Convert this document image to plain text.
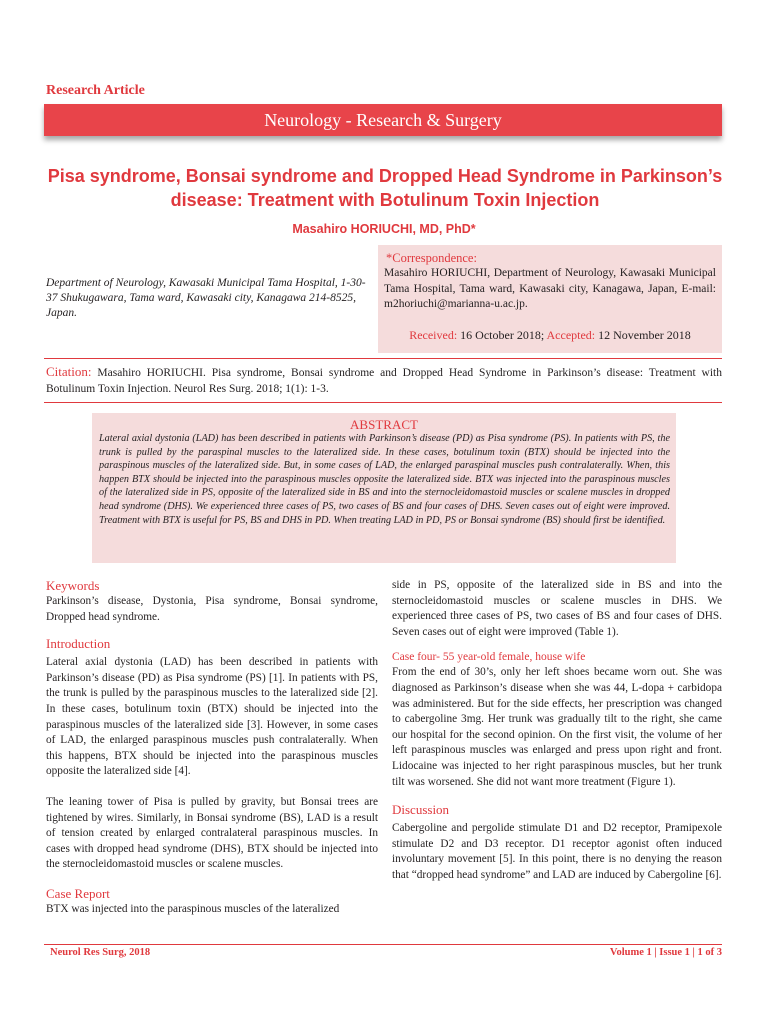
Research Article
Neurology - Research & Surgery
Pisa syndrome, Bonsai syndrome and Dropped Head Syndrome in Parkinson’s disease: Treatment with Botulinum Toxin Injection
Masahiro HORIUCHI, MD, PhD*
Department of Neurology, Kawasaki Municipal Tama Hospital, 1-30-37 Shukugawara, Tama ward, Kawasaki city, Kanagawa 214-8525, Japan.
*Correspondence:
Masahiro HORIUCHI, Department of Neurology, Kawasaki Municipal Tama Hospital, Tama ward, Kawasaki city, Kanagawa, Japan, E-mail: m2horiuchi@marianna-u.ac.jp.
Received: 16 October 2018; Accepted: 12 November 2018
Citation: Masahiro HORIUCHI. Pisa syndrome, Bonsai syndrome and Dropped Head Syndrome in Parkinson’s disease: Treatment with Botulinum Toxin Injection. Neurol Res Surg. 2018; 1(1): 1-3.
ABSTRACT
Lateral axial dystonia (LAD) has been described in patients with Parkinson’s disease (PD) as Pisa syndrome (PS). In patients with PS, the trunk is pulled by the paraspinal muscles to the lateralized side. In these cases, botulinum toxin (BTX) should be injected into the paraspinous muscles of the lateralized side. But, in some cases of LAD, the enlarged paraspinal muscles push contralaterally. When, this happen BTX should be injected into the paraspinous muscles opposite the lateralized side. BTX was injected into the paraspinous muscles of the lateralized side in PS, opposite of the lateralized side in BS and into the sternocleidomastoid muscles or scalene muscles in dropped head syndrome (DHS). We experienced three cases of PS, two cases of BS and four cases of DHS. Seven cases out of eight were improved. Treatment with BTX is useful for PS, BS and DHS in PD. When treating LAD in PD, PS or Bonsai syndrome (BS) should first be identified.

Keywords

Parkinson’s disease, Dystonia, Pisa syndrome, Bonsai syndrome, Dropped head syndrome.

Introduction

Lateral axial dystonia (LAD) has been described in patients with Parkinson’s disease (PD) as Pisa syndrome (PS) [1]. In patients with PS, the trunk is pulled by the paraspinous muscles to the lateralized side [2]. In these cases, botulinum toxin (BTX) should be injected into the paraspinous muscles of the lateralized side [3]. However, in some cases of LAD, the enlarged paraspinous muscles push contralaterally. When this happens, BTX should be injected into the paraspinous muscles opposite the lateralized side [4].

The leaning tower of Pisa is pulled by gravity, but Bonsai trees are tightened by wires. Similarly, in Bonsai syndrome (BS), LAD is a result of tension created by enlarged contralateral paraspinous muscles. In cases with dropped head syndrome (DHS), BTX should be injected into the sternocleidomastoid muscles or scalene muscles.

Case Report

BTX was injected into the paraspinous muscles of the lateralized

side in PS, opposite of the lateralized side in BS and into the sternocleidomastoid muscles or scalene muscles in DHS. We experienced three cases of PS, two cases of BS and four cases of DHS. Seven cases out of eight were improved (Table 1).

Case four- 55 year-old female, house wife

From the end of 30’s, only her left shoes became worn out. She was diagnosed as Parkinson’s disease when she was 44, L-dopa + carbidopa was administered. But for the side effects, her prescription was changed to cabergoline 3mg. Her trunk was gradually tilt to the right, she came our hospital for the second opinion. On the first visit, the volume of her left paraspinous muscles was enlarged and press upon right and front. Lidocaine was injected to her right paraspinous muscles, but her trunk tilt was worsened. She did not want more treatment (Figure 1).

Discussion

Cabergoline and pergolide stimulate D1 and D2 receptor, Pramipexole stimulate D2 and D3 receptor. D1 receptor agonist often induced involuntary movement [5]. In this point, there is no denying the reason that “dropped head syndrome” and LAD are induced by Cabergoline [6].

Neurol Res Surg, 2018	Volume 1 | Issue 1 | 1 of 3
